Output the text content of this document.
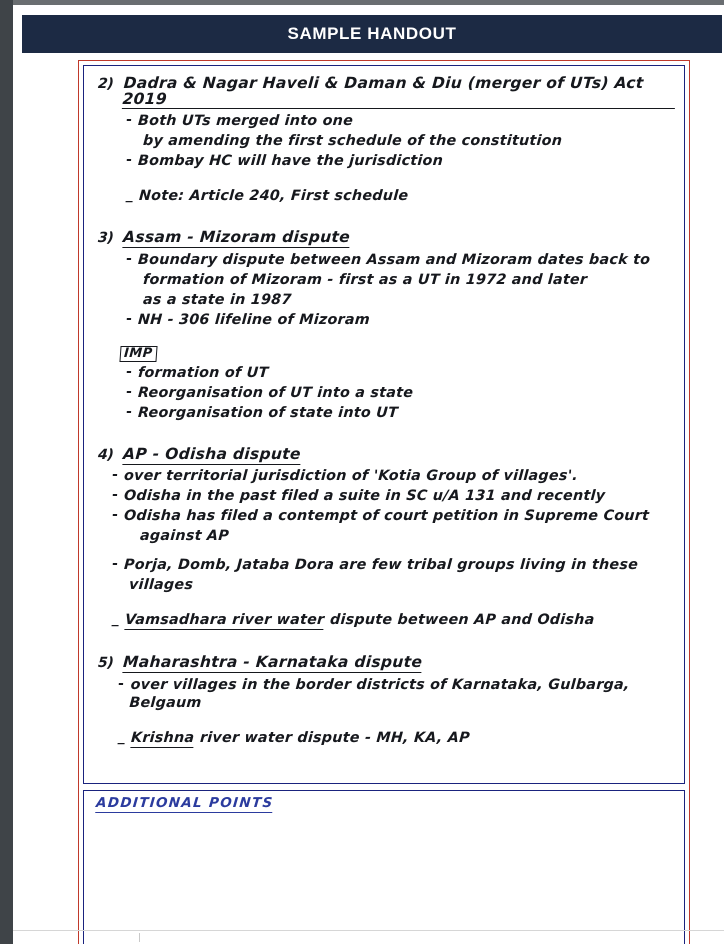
SAMPLE HANDOUT
2) Dadra & Nagar Haveli & Daman & Diu (merger of UTs) Act 2019
- Both UTs merged into one
by amending the first schedule of the constitution
- Bombay HC will have the jurisdiction
_ Note: Article 240, First schedule
3) Assam - Mizoram dispute
- Boundary dispute between Assam and Mizoram dates back to
formation of Mizoram - first as a UT in 1972 and later
as a state in 1987
- NH - 306 lifeline of Mizoram
IMP
- formation of UT
- Reorganisation of UT into a state
- Reorganisation of state into UT
4) AP - Odisha dispute
- over territorial jurisdiction of 'Kotia Group of villages'.
- Odisha in the past filed a suite in SC u/A 131 and recently
- Odisha has filed a contempt of court petition in Supreme Court
against AP
- Porja, Domb, Jataba Dora are few tribal groups living in these
villages
_ Vamsadhara river water dispute between AP and Odisha
5) Maharashtra - Karnataka dispute
- over villages in the border districts of Karnataka, Gulbarga, Belgaum
_ Krishna river water dispute - MH, KA, AP
ADDITIONAL POINTS
